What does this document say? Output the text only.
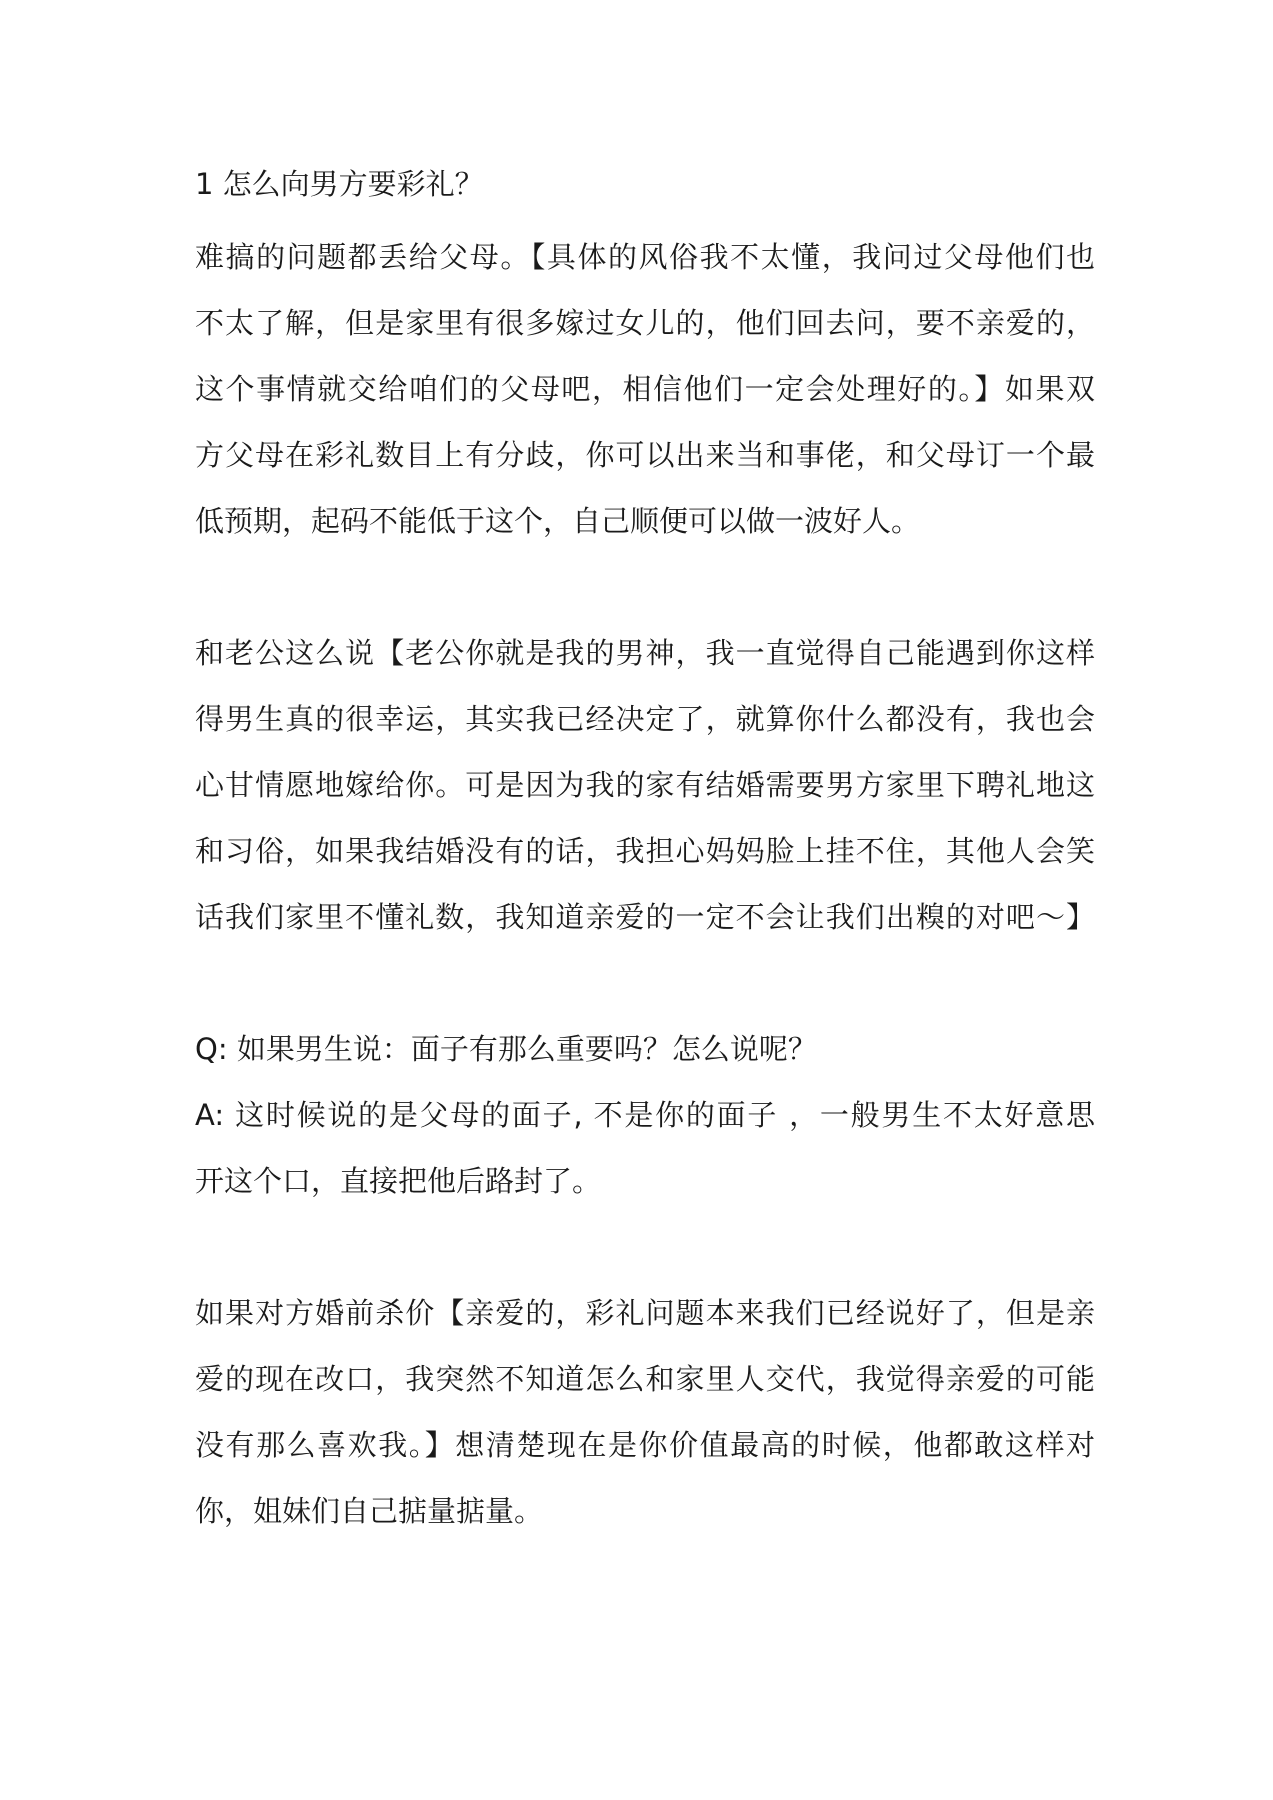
1 怎么向男方要彩礼？
难搞的问题都丢给父母。【具体的风俗我不太懂，我问过父母他们也
不太了解，但是家里有很多嫁过女儿的，他们回去问，要不亲爱的，
这个事情就交给咱们的父母吧，相信他们一定会处理好的。】如果双
方父母在彩礼数目上有分歧，你可以出来当和事佬，和父母订一个最
低预期，起码不能低于这个，自己顺便可以做一波好人。
和老公这么说【老公你就是我的男神，我一直觉得自己能遇到你这样
得男生真的很幸运，其实我已经决定了，就算你什么都没有，我也会
心甘情愿地嫁给你。可是因为我的家有结婚需要男方家里下聘礼地这
和习俗，如果我结婚没有的话，我担心妈妈脸上挂不住，其他人会笑
话我们家里不懂礼数，我知道亲爱的一定不会让我们出糗的对吧～】
Q: 如果男生说：面子有那么重要吗？怎么说呢？
A: 这时候说的是父母的面子, 不是你的面子 ，一般男生不太好意思
开这个口，直接把他后路封了。
如果对方婚前杀价【亲爱的，彩礼问题本来我们已经说好了，但是亲
爱的现在改口，我突然不知道怎么和家里人交代，我觉得亲爱的可能
没有那么喜欢我。】想清楚现在是你价值最高的时候，他都敢这样对
你，姐妹们自己掂量掂量。
